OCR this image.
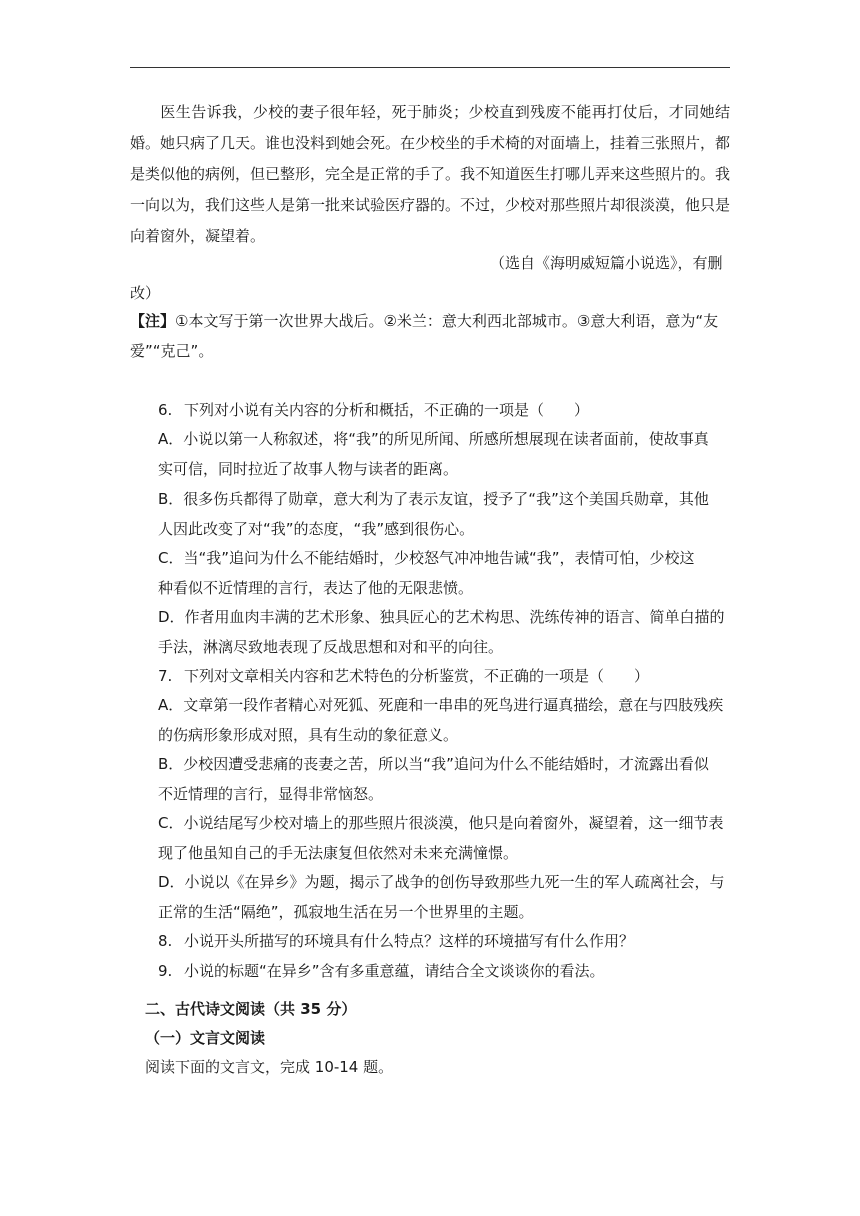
医生告诉我，少校的妻子很年轻，死于肺炎；少校直到残废不能再打仗后，才同她结婚。她只病了几天。谁也没料到她会死。在少校坐的手术椅的对面墙上，挂着三张照片，都是类似他的病例，但已整形，完全是正常的手了。我不知道医生打哪儿弄来这些照片的。我一向以为，我们这些人是第一批来试验医疗器的。不过，少校对那些照片却很淡漠，他只是向着窗外，凝望着。
（选自《海明威短篇小说选》，有删
改）
【注】①本文写于第一次世界大战后。②米兰：意大利西北部城市。③意大利语，意为“友
爱”“克己”。
6. 下列对小说有关内容的分析和概括，不正确的一项是（　　）
A．小说以第一人称叙述，将“我”的所见所闻、所感所想展现在读者面前，使故事真
实可信，同时拉近了故事人物与读者的距离。
B．很多伤兵都得了勋章，意大利为了表示友谊，授予了“我”这个美国兵勋章，其他
人因此改变了对“我”的态度，“我”感到很伤心。
C．当“我”追问为什么不能结婚时，少校怒气冲冲地告诫“我”，表情可怕，少校这
种看似不近情理的言行，表达了他的无限悲愤。
D．作者用血肉丰满的艺术形象、独具匠心的艺术构思、洗练传神的语言、简单白描的
手法，淋漓尽致地表现了反战思想和对和平的向往。
7. 下列对文章相关内容和艺术特色的分析鉴赏，不正确的一项是（　　）
A．文章第一段作者精心对死狐、死鹿和一串串的死鸟进行逼真描绘，意在与四肢残疾
的伤病形象形成对照，具有生动的象征意义。
B．少校因遭受悲痛的丧妻之苦，所以当“我”追问为什么不能结婚时，才流露出看似
不近情理的言行，显得非常恼怒。
C．小说结尾写少校对墙上的那些照片很淡漠，他只是向着窗外，凝望着，这一细节表
现了他虽知自己的手无法康复但依然对未来充满憧憬。
D．小说以《在异乡》为题，揭示了战争的创伤导致那些九死一生的军人疏离社会，与
正常的生活“隔绝”，孤寂地生活在另一个世界里的主题。
8. 小说开头所描写的环境具有什么特点？这样的环境描写有什么作用？
9. 小说的标题“在异乡”含有多重意蕴，请结合全文谈谈你的看法。
二、古代诗文阅读（共 35 分）
（一）文言文阅读
阅读下面的文言文，完成 10-14 题。
